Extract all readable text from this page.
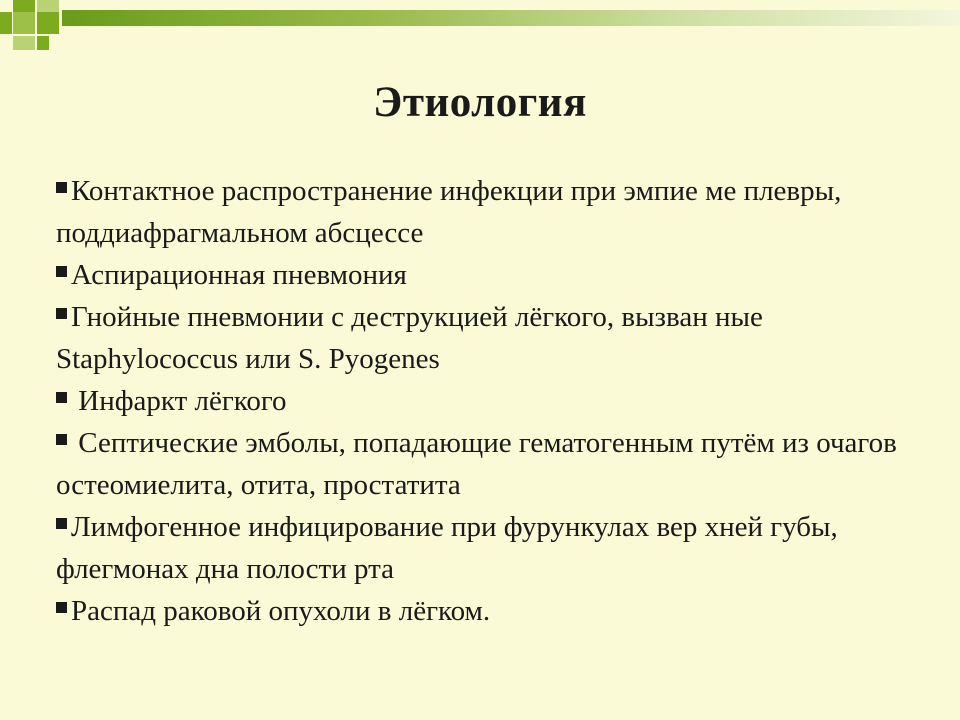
Этиология
Контактное распространение инфекции при эмпие ме плевры, поддиафрагмальном абсцессе
Аспирационная пневмония
Гнойные пневмонии с деструкцией лёгкого, вызван ные Staphylococcus или S. Pyogenes
Инфаркт лёгкого
Септические эмболы, попадающие гематогенным путём из очагов остеомиелита, отита, простатита
Лимфогенное инфицирование при фурункулах вер хней губы, флегмонах дна полости рта
Распад раковой опухоли в лёгком.
